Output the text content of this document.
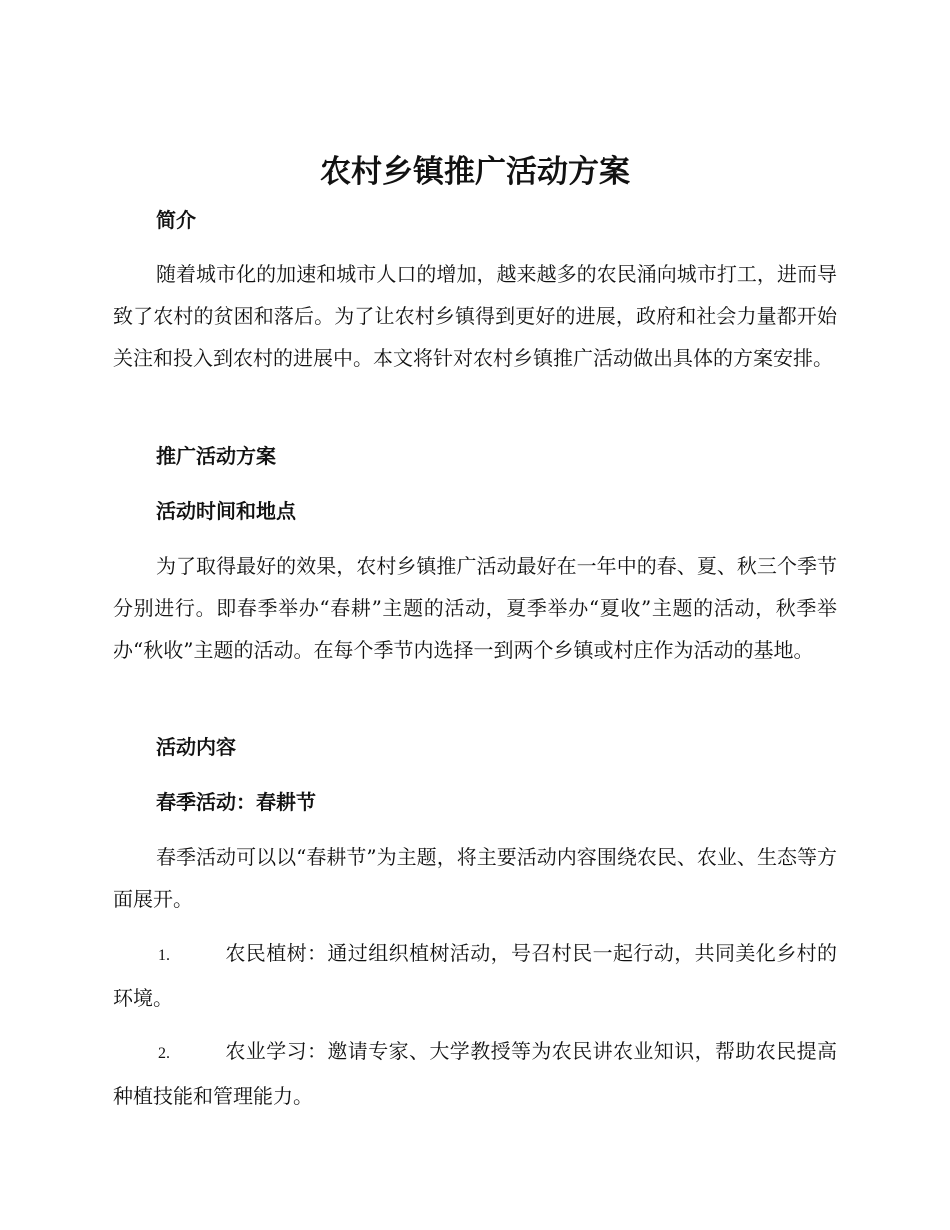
农村乡镇推广活动方案
简介

随着城市化的加速和城市人口的增加，越来越多的农民涌向城市打工，进而导致了农村的贫困和落后。为了让农村乡镇得到更好的进展，政府和社会力量都开始关注和投入到农村的进展中。本文将针对农村乡镇推广活动做出具体的方案安排。

推广活动方案
活动时间和地点

为了取得最好的效果，农村乡镇推广活动最好在一年中的春、夏、秋三个季节分别进行。即春季举办“春耕”主题的活动，夏季举办“夏收”主题的活动，秋季举办“秋收”主题的活动。在每个季节内选择一到两个乡镇或村庄作为活动的基地。

活动内容
春季活动：春耕节

春季活动可以以“春耕节”为主题，将主要活动内容围绕农民、农业、生态等方面展开。

1.	农民植树：通过组织植树活动，号召村民一起行动，共同美化乡村的环境。

2.	农业学习：邀请专家、大学教授等为农民讲农业知识，帮助农民提高种植技能和管理能力。
